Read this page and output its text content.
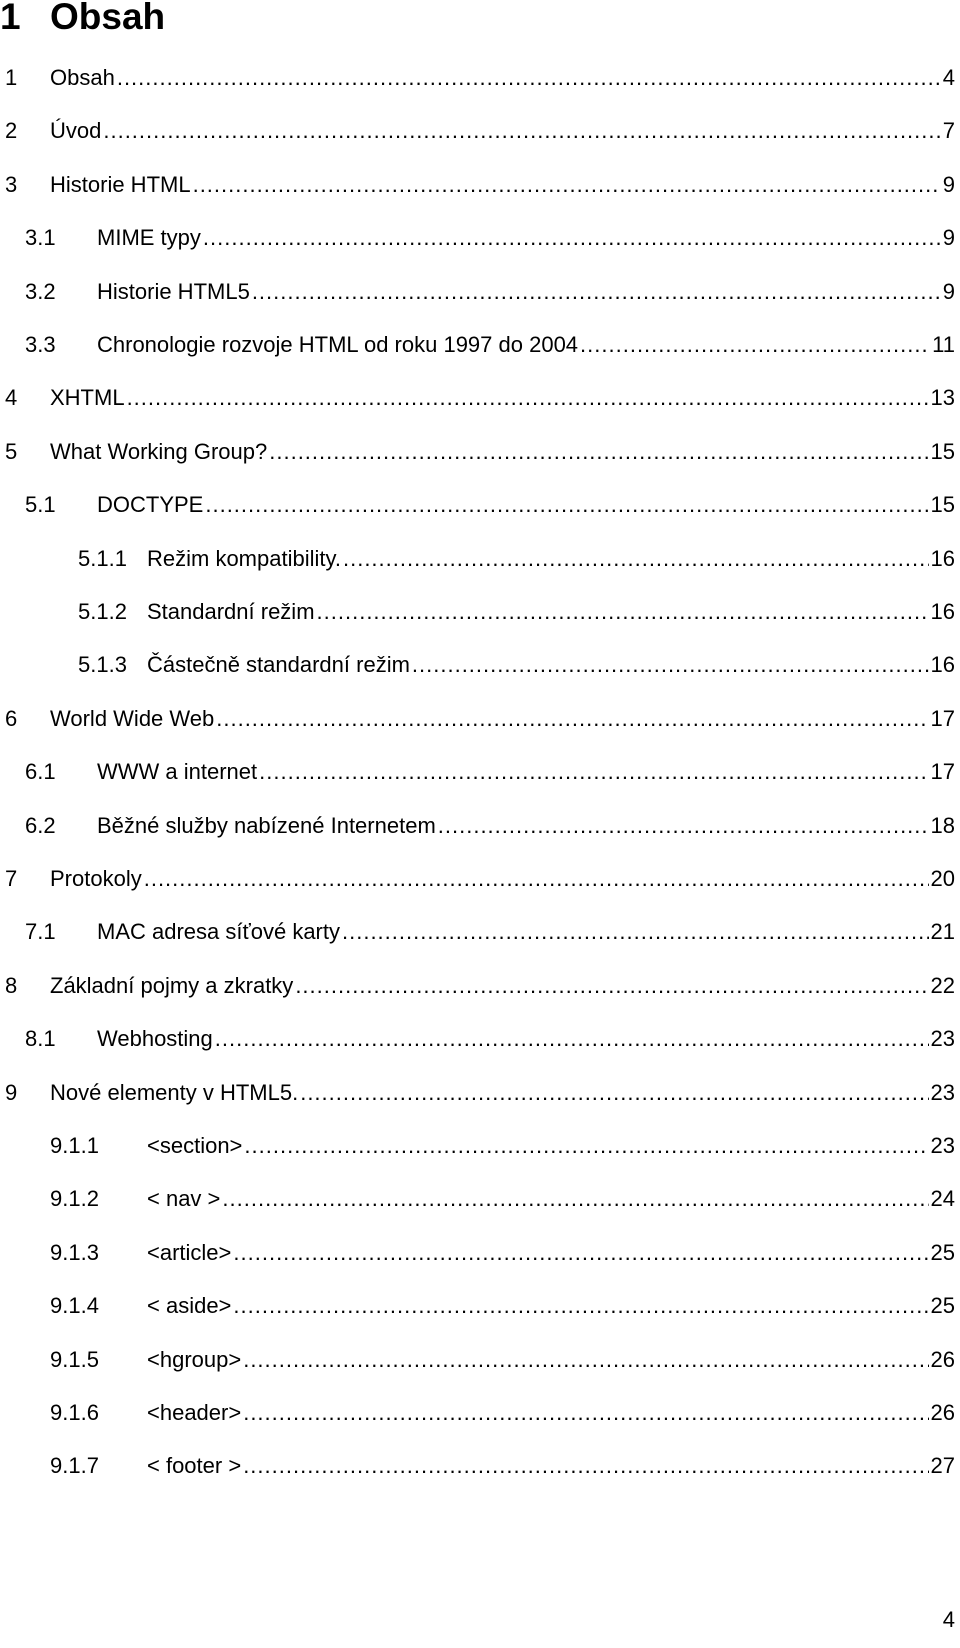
1 Obsah
1	Obsah .....	4
2	Úvod .....	7
3	Historie HTML .....	9
3.1	MIME typy .....	9
3.2	Historie HTML5 .....	9
3.3	Chronologie rozvoje HTML od roku 1997 do 2004 .....	11
4	XHTML .....	13
5	What Working Group? .....	15
5.1	DOCTYPE .....	15
5.1.1 Režim kompatibility. .....	16
5.1.2 Standardní režim .....	16
5.1.3 Částečně standardní režim .....	16
6	World Wide Web .....	17
6.1	WWW a internet .....	17
6.2	Běžné služby nabízené Internetem .....	18
7	Protokoly .....	20
7.1	MAC adresa síťové karty .....	21
8	Základní pojmy a zkratky .....	22
8.1	Webhosting .....	23
9	Nové elementy v HTML5. .....	23
9.1.1	<section> .....	23
9.1.2	< nav > .....	24
9.1.3	<article> .....	25
9.1.4	< aside> .....	25
9.1.5	<hgroup> .....	26
9.1.6	<header> .....	26
9.1.7	< footer > .....	27
4
